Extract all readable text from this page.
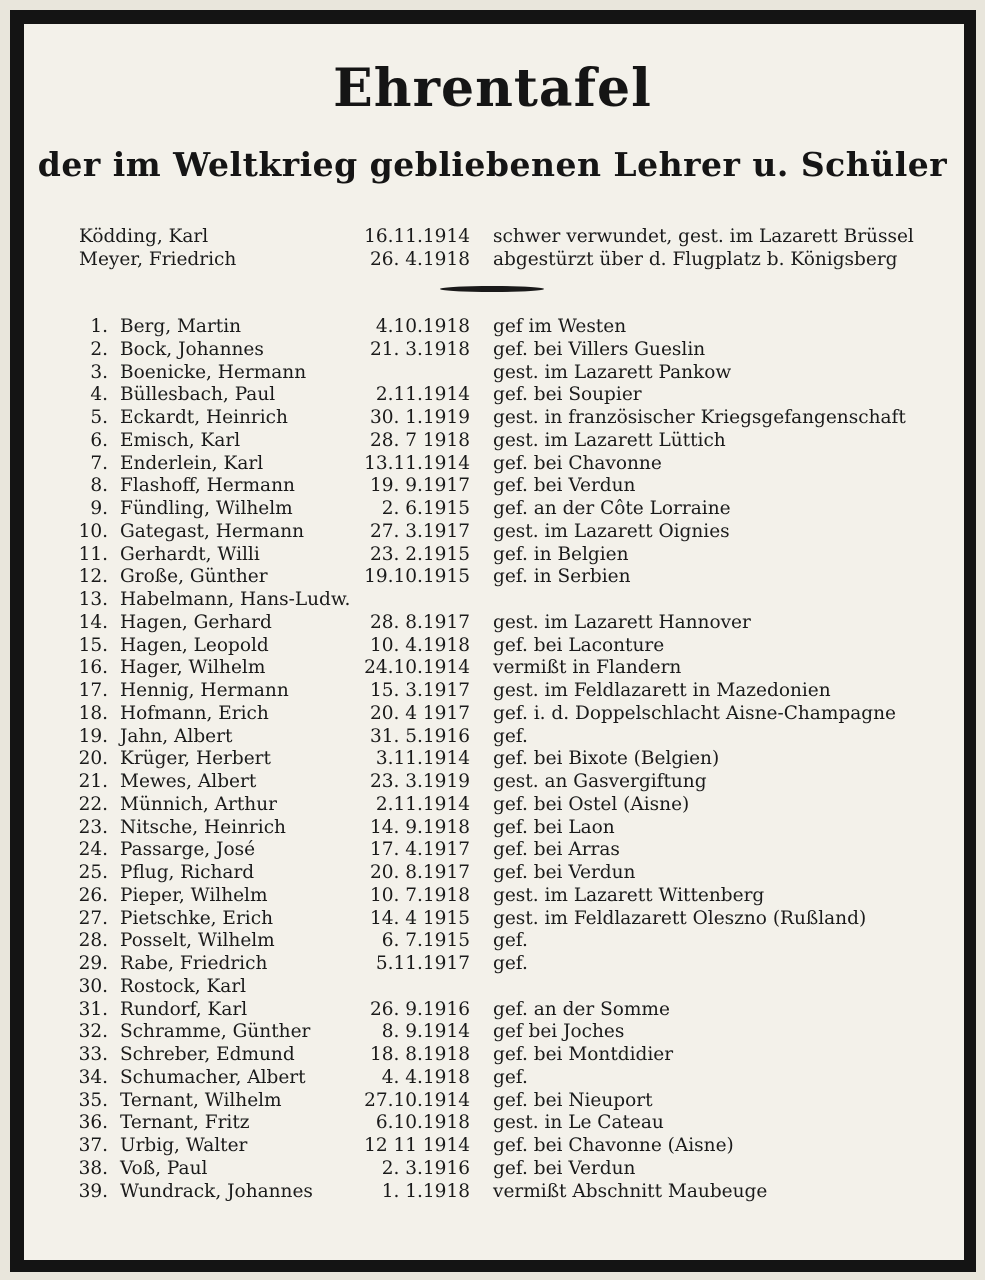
Ehrentafel
der im Weltkrieg gebliebenen Lehrer u. Schüler
Ködding, Karl	16.11.1914 schwer verwundet, gest. im Lazarett Brüssel
Meyer, Friedrich	26. 4.1918 abgestürzt über d. Flugplatz b. Königsberg
1. Berg, Martin	4.10.1918 gef im Westen
2. Bock, Johannes	21. 3.1918 gef. bei Villers Gueslin
3. Boenicke, Hermann	gest. im Lazarett Pankow
4. Büllesbach, Paul	2.11.1914 gef. bei Soupier
5. Eckardt, Heinrich	30. 1.1919 gest. in französischer Kriegsgefangenschaft
6. Emisch, Karl	28. 7 1918 gest. im Lazarett Lüttich
7. Enderlein, Karl	13.11.1914 gef. bei Chavonne
8. Flashoff, Hermann	19. 9.1917 gef. bei Verdun
9. Fündling, Wilhelm	2. 6.1915 gef. an der Côte Lorraine
10. Gategast, Hermann	27. 3.1917 gest. im Lazarett Oignies
11. Gerhardt, Willi	23. 2.1915 gef. in Belgien
12. Große, Günther	19.10.1915 gef. in Serbien
13. Habelmann, Hans-Ludw.
14. Hagen, Gerhard	28. 8.1917 gest. im Lazarett Hannover
15. Hagen, Leopold	10. 4.1918 gef. bei Laconture
16. Hager, Wilhelm	24.10.1914 vermißt in Flandern
17. Hennig, Hermann	15. 3.1917 gest. im Feldlazarett in Mazedonien
18. Hofmann, Erich	20. 4 1917 gef. i. d. Doppelschlacht Aisne-Champagne
19. Jahn, Albert	31. 5.1916 gef.
20. Krüger, Herbert	3.11.1914 gef. bei Bixote (Belgien)
21. Mewes, Albert	23. 3.1919 gest. an Gasvergiftung
22. Münnich, Arthur	2.11.1914 gef. bei Ostel (Aisne)
23. Nitsche, Heinrich	14. 9.1918 gef. bei Laon
24. Passarge, José	17. 4.1917 gef. bei Arras
25. Pflug, Richard	20. 8.1917 gef. bei Verdun
26. Pieper, Wilhelm	10. 7.1918 gest. im Lazarett Wittenberg
27. Pietschke, Erich	14. 4 1915 gest. im Feldlazarett Oleszno (Rußland)
28. Posselt, Wilhelm	6. 7.1915 gef.
29. Rabe, Friedrich	5.11.1917 gef.
30. Rostock, Karl
31. Rundorf, Karl	26. 9.1916 gef. an der Somme
32. Schramme, Günther	8. 9.1914 gef bei Joches
33. Schreber, Edmund	18. 8.1918 gef. bei Montdidier
34. Schumacher, Albert	4. 4.1918 gef.
35. Ternant, Wilhelm	27.10.1914 gef. bei Nieuport
36. Ternant, Fritz	6.10.1918 gest. in Le Cateau
37. Urbig, Walter	12 11 1914 gef. bei Chavonne (Aisne)
38. Voß, Paul	2. 3.1916 gef. bei Verdun
39. Wundrack, Johannes	1. 1.1918 vermißt Abschnitt Maubeuge
